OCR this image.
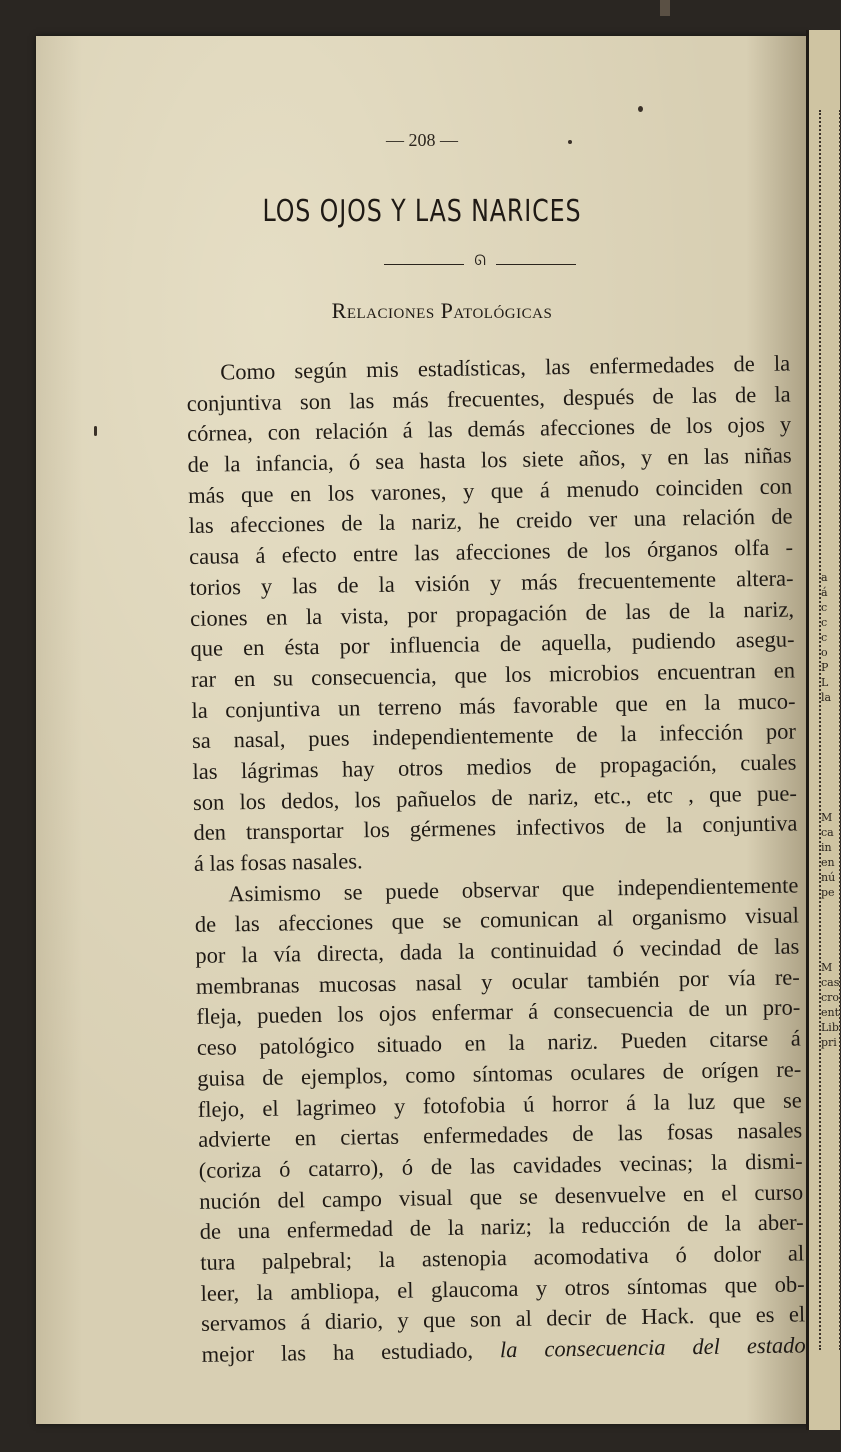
— 208 —
LOS OJOS Y LAS NARICES
ᘏ
Relaciones Patológicas
Como según mis estadísticas, las enfermedades de la
conjuntiva son las más frecuentes, después de las de la
córnea, con relación á las demás afecciones de los ojos y
de la infancia, ó sea hasta los siete años, y en las niñas
más que en los varones, y que á menudo coinciden con
las afecciones de la nariz, he creido ver una relación de
causa á efecto entre las afecciones de los órganos olfa -
torios y las de la visión y más frecuentemente altera-
ciones en la vista, por propagación de las de la nariz,
que en ésta por influencia de aquella, pudiendo asegu-
rar en su consecuencia, que los microbios encuentran en
la conjuntiva un terreno más favorable que en la muco-
sa nasal, pues independientemente de la infección por
las lágrimas hay otros medios de propagación, cuales
son los dedos, los pañuelos de nariz, etc., etc , que pue-
den transportar los gérmenes infectivos de la conjuntiva
á las fosas nasales.
Asimismo se puede observar que independientemente
de las afecciones que se comunican al organismo visual
por la vía directa, dada la continuidad ó vecindad de las
membranas mucosas nasal y ocular también por vía re-
fleja, pueden los ojos enfermar á consecuencia de un pro-
ceso patológico situado en la nariz. Pueden citarse á
guisa de ejemplos, como síntomas oculares de orígen re-
flejo, el lagrimeo y fotofobia ú horror á la luz que se
advierte en ciertas enfermedades de las fosas nasales
(coriza ó catarro), ó de las cavidades vecinas; la dismi-
nución del campo visual que se desenvuelve en el curso
de una enfermedad de la nariz; la reducción de la aber-
tura palpebral; la astenopia acomodativa ó dolor al
leer, la ambliopa, el glaucoma y otros síntomas que ob-
servamos á diario, y que son al decir de Hack. que es el
mejor las ha estudiado, la consecuencia del estado
a
á
c
c
c
o
P
L
la

M
ca
in
en
nú
pe

M
cas
cro
ent
Lib
pri
